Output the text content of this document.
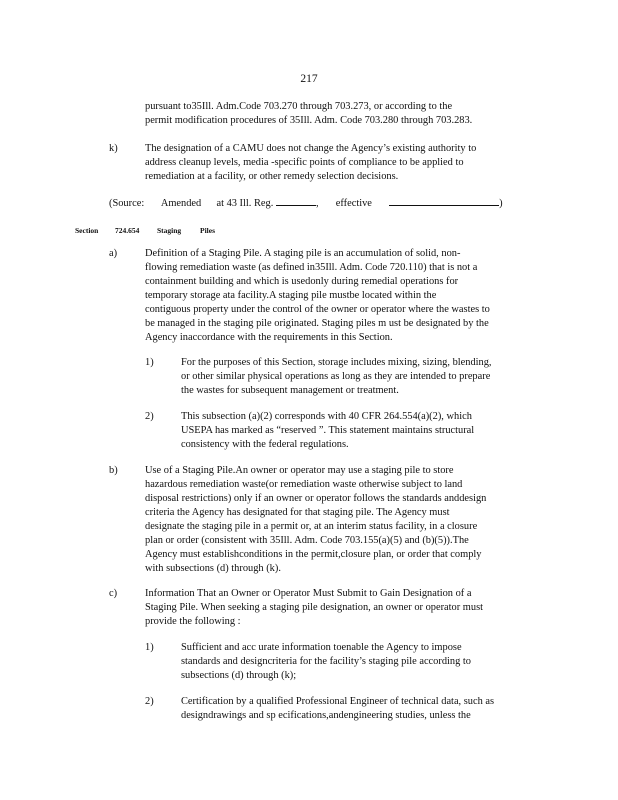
217
pursuant to35Ill. Adm.Code 703.270 through 703.273, or according to the
permit modification procedures of 35Ill. Adm. Code 703.280 through 703.283.
k)	The designation of a CAMU does not change the Agency’s existing authority to
address cleanup levels, media -specific points of compliance to be applied to
remediation at a facility, or other remedy selection decisions.
(Source: Amended at 43 Ill. Reg.	, effective	)
Section 724.654 Staging	Piles
a)	Definition of a Staging Pile. A staging pile is an accumulation of solid, non-
flowing remediation waste (as defined in35Ill. Adm. Code 720.110) that is not a
containment building and which is usedonly during remedial operations for
temporary storage ata facility.A staging pile mustbe located within the
contiguous property under the control of the owner or operator where the wastes to
be managed in the staging pile originated. Staging piles m ust be designated by the
Agency inaccordance with the requirements in this Section.
1)	For the purposes of this Section, storage includes mixing, sizing, blending,
or other similar physical operations as long as they are intended to prepare
the wastes for subsequent management or treatment.
2)	This subsection (a)(2) corresponds with 40 CFR 264.554(a)(2), which
USEPA has marked as “reserved ”. This statement maintains structural
consistency with the federal regulations.
b)	Use of a Staging Pile.An owner or operator may use a staging pile to store
hazardous remediation waste(or remediation waste otherwise subject to land
disposal restrictions) only if an owner or operator follows the standards anddesign
criteria the Agency has designated for that staging pile. The Agency must
designate the staging pile in a permit or, at an interim status facility, in a closure
plan or order (consistent with 35Ill. Adm. Code 703.155(a)(5) and (b)(5)).The
Agency must establishconditions in the permit,closure plan, or order that comply
with subsections (d) through (k).
c)	Information That an Owner or Operator Must Submit to Gain Designation of a
Staging Pile. When seeking a staging pile designation, an owner or operator must
provide the following :
1)	Sufficient and acc urate information toenable the Agency to impose
standards and designcriteria for the facility’s staging pile according to
subsections (d) through (k);
2)	Certification by a qualified Professional Engineer of technical data, such as
designdrawings and sp ecifications,andengineering studies, unless the
